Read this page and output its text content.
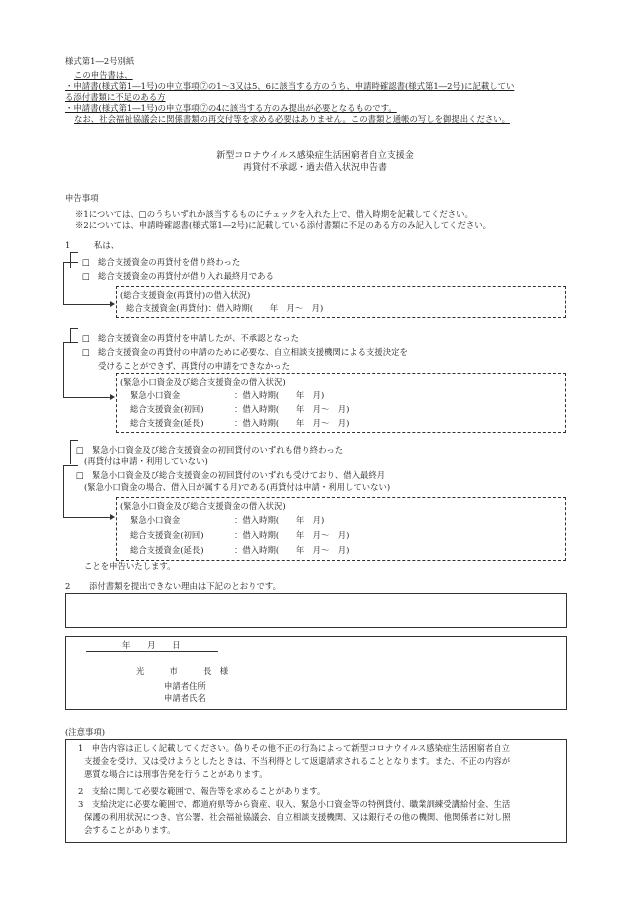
様式第1―2号別紙
この申告書は、
・申請書(様式第1―1号)の申立事項⑦の1～3又は5、6に該当する方のうち、申請時確認書(様式第1―2号)に記載してい
る添付書類に不足のある方
・申請書(様式第1―1号)の申立事項⑦の4に該当する方のみ提出が必要となるものです。
なお、社会福祉協議会に関係書類の再交付等を求める必要はありません。この書類と通帳の写しを御提出ください。
新型コロナウイルス感染症生活困窮者自立支援金
再貸付不承認・過去借入状況申告書
申告事項
※1については、□のうちいずれか該当するものにチェックを入れた上で、借入時期を記載してください。
※2については、申請時確認書(様式第1―2号)に記載している添付書類に不足のある方のみ記入してください。
1	私は、
□ 総合支援資金の再貸付を借り終わった
□ 総合支援資金の再貸付が借り入れ最終月である
(総合支援資金(再貸付)の借入状況)
総合支援資金(再貸付)：借入時期(　　年　月～　月)
□ 総合支援資金の再貸付を申請したが、不承認となった
□ 総合支援資金の再貸付の申請のために必要な、自立相談支援機関による支援決定を
受けることができず、再貸付の申請をできなかった
(緊急小口資金及び総合支援資金の借入状況)
緊急小口資金	：借入時期(　　年　月)
総合支援資金(初回)	：借入時期(　　年　月～　月)
総合支援資金(延長)	：借入時期(　　年　月～　月)
□ 緊急小口資金及び総合支援資金の初回貸付のいずれも借り終わった
(再貸付は申請・利用していない)
□ 緊急小口資金及び総合支援資金の初回貸付のいずれも受けており、借入最終月
(緊急小口資金の場合、借入日が属する月)である(再貸付は申請・利用していない)
(緊急小口資金及び総合支援資金の借入状況)
緊急小口資金	：借入時期(　　年　月)
総合支援資金(初回)	：借入時期(　　年　月～　月)
総合支援資金(延長)	：借入時期(　　年　月～　月)
ことを申告いたします。
2 添付書類を提出できない理由は下記のとおりです。
年　　月　　日
光　　　市　　　長　様
申請者住所
申請者氏名
(注意事項)
1　申告内容は正しく記載してください。偽りその他不正の行為によって新型コロナウイルス感染症生活困窮者自立
支援金を受け、又は受けようとしたときは、不当利得として返還請求されることとなります。また、不正の内容が
悪質な場合には刑事告発を行うことがあります。
2　支給に関して必要な範囲で、報告等を求めることがあります。
3　支給決定に必要な範囲で、都道府県等から資産、収入、緊急小口資金等の特例貸付、職業訓練受講給付金、生活
保護の利用状況につき、官公署、社会福祉協議会、自立相談支援機関、又は銀行その他の機関、他関係者に対し照
会することがあります。
